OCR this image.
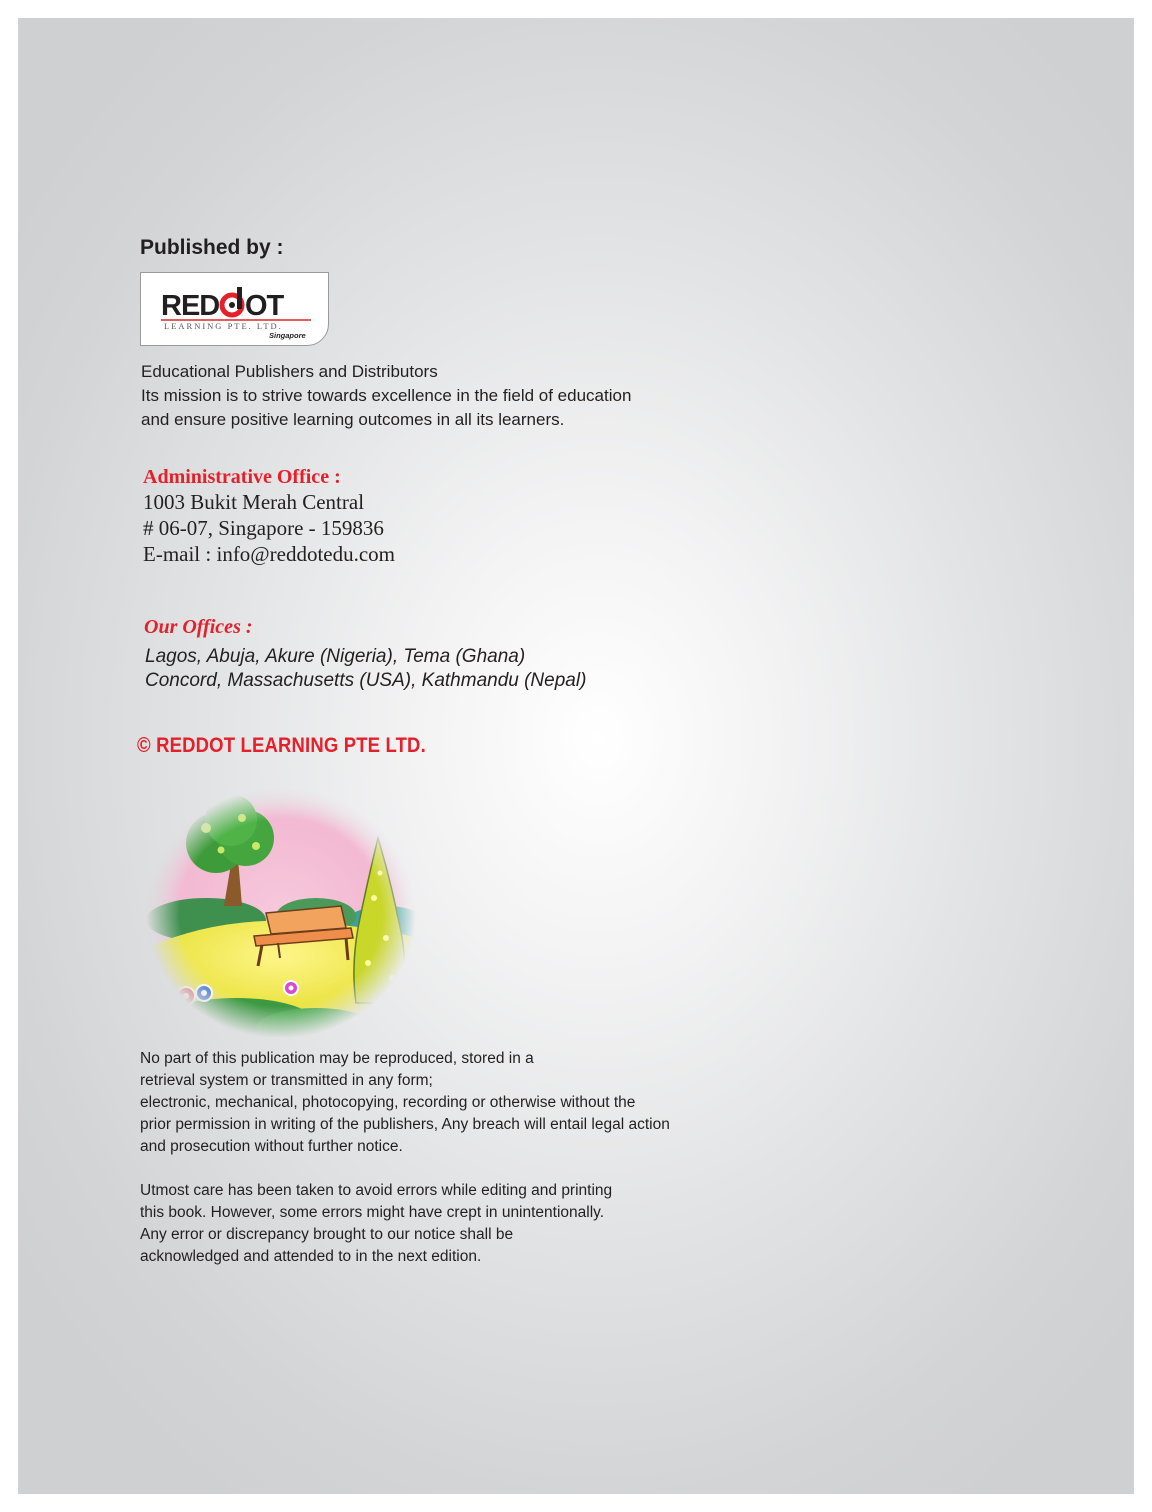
Published by :
RED OT
LEARNING PTE. LTD.
Singapore
Educational Publishers and Distributors
Its mission is to strive towards excellence in the field of education
and ensure positive learning outcomes in all its learners.
Administrative Office :
1003 Bukit Merah Central
# 06-07, Singapore - 159836
E-mail : info@reddotedu.com
Our Offices :
Lagos, Abuja, Akure (Nigeria), Tema (Ghana)
Concord, Massachusetts (USA), Kathmandu (Nepal)
© REDDOT LEARNING PTE LTD.
No part of this publication may be reproduced, stored in a
retrieval system or transmitted in any form;
electronic, mechanical, photocopying, recording or otherwise without the
prior permission in writing of the publishers, Any breach will entail legal action
and prosecution without further notice.
Utmost care has been taken to avoid errors while editing and printing
this book. However, some errors might have crept in unintentionally.
Any error or discrepancy brought to our notice shall be
acknowledged and attended to in the next edition.
